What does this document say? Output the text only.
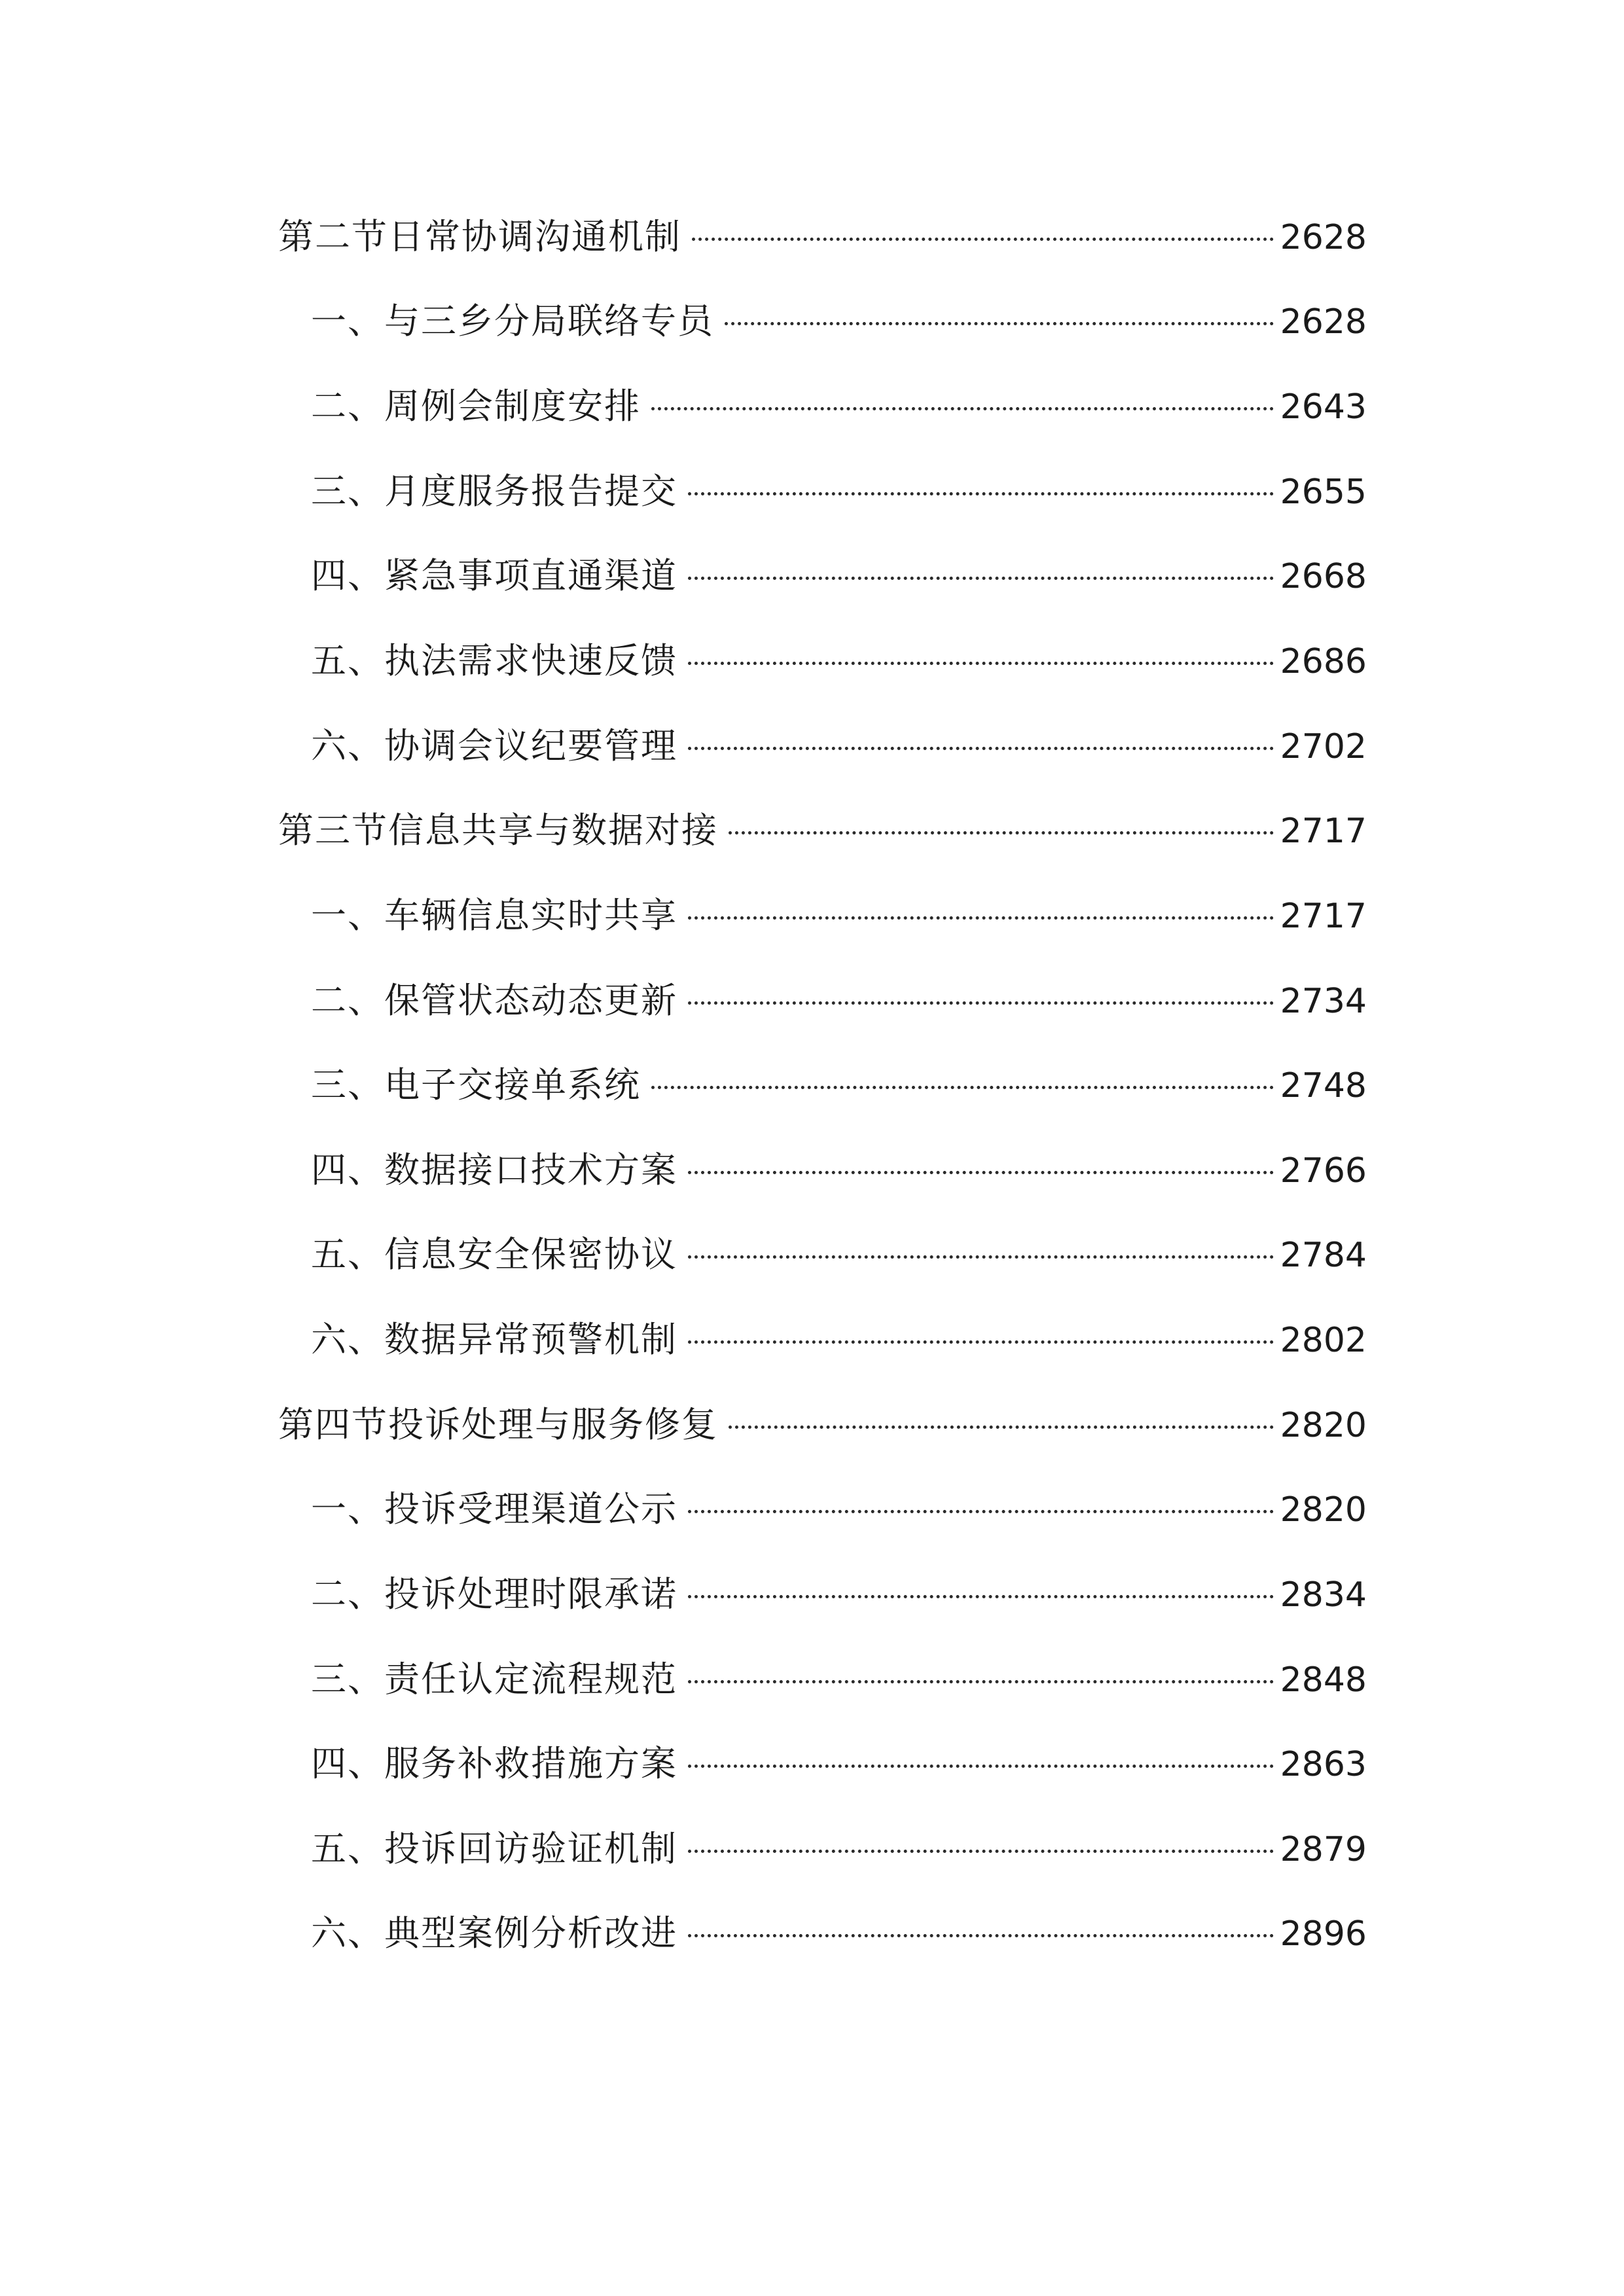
第二节日常协调沟通机制	2628
一、与三乡分局联络专员	2628
二、周例会制度安排	2643
三、月度服务报告提交	2655
四、紧急事项直通渠道	2668
五、执法需求快速反馈	2686
六、协调会议纪要管理	2702
第三节信息共享与数据对接	2717
一、车辆信息实时共享	2717
二、保管状态动态更新	2734
三、电子交接单系统	2748
四、数据接口技术方案	2766
五、信息安全保密协议	2784
六、数据异常预警机制	2802
第四节投诉处理与服务修复	2820
一、投诉受理渠道公示	2820
二、投诉处理时限承诺	2834
三、责任认定流程规范	2848
四、服务补救措施方案	2863
五、投诉回访验证机制	2879
六、典型案例分析改进	2896
